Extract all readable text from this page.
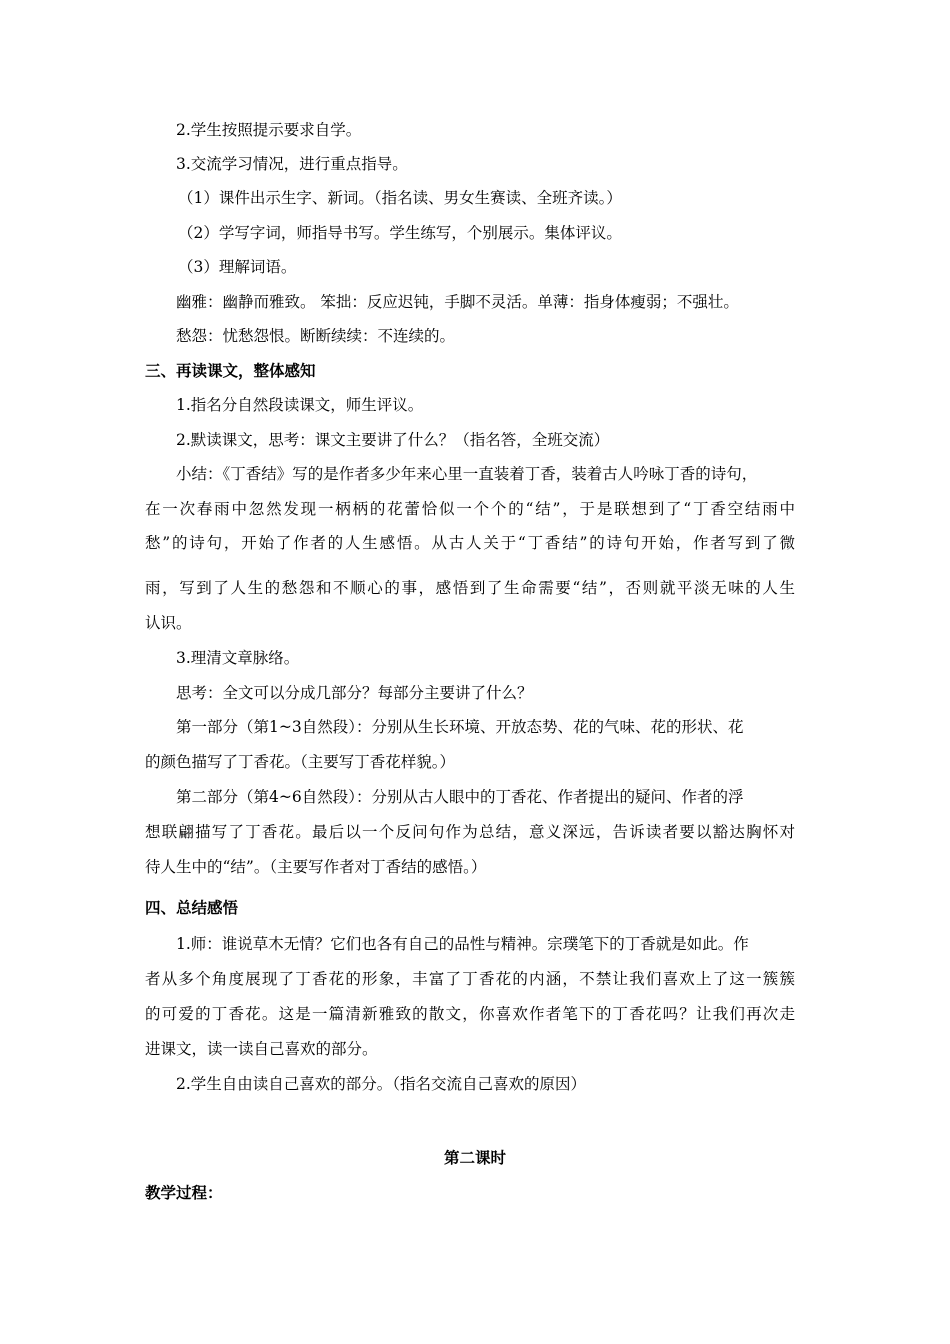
2.学生按照提示要求自学。

3.交流学习情况，进行重点指导。

（1）课件出示生字、新词。（指名读、男女生赛读、全班齐读。）

（2）学写字词，师指导书写。学生练写，个别展示。集体评议。

（3）理解词语。

幽雅：幽静而雅致。 笨拙：反应迟钝，手脚不灵活。单薄：指身体瘦弱；不强壮。

愁怨：忧愁怨恨。断断续续：不连续的。

三、再读课文，整体感知

1.指名分自然段读课文，师生评议。

2.默读课文，思考：课文主要讲了什么？（指名答，全班交流）

小结：《丁香结》写的是作者多少年来心里一直装着丁香，装着古人吟咏丁香的诗句，

在一次春雨中忽然发现一柄柄的花蕾恰似一个个的“结”，于是联想到了“丁香空结雨中

愁”的诗句，开始了作者的人生感悟。从古人关于“丁香结”的诗句开始，作者写到了微

雨，写到了人生的愁怨和不顺心的事，感悟到了生命需要“结”，否则就平淡无味的人生

认识。

3.理清文章脉络。

思考：全文可以分成几部分？每部分主要讲了什么？

第一部分（第1~3自然段）：分别从生长环境、开放态势、花的气味、花的形状、花

的颜色描写了丁香花。（主要写丁香花样貌。）

第二部分（第4~6自然段）：分别从古人眼中的丁香花、作者提出的疑问、作者的浮

想联翩描写了丁香花。最后以一个反问句作为总结，意义深远，告诉读者要以豁达胸怀对

待人生中的“结”。（主要写作者对丁香结的感悟。）

四、总结感悟

1.师：谁说草木无情？它们也各有自己的品性与精神。宗璞笔下的丁香就是如此。作

者从多个角度展现了丁香花的形象，丰富了丁香花的内涵，不禁让我们喜欢上了这一簇簇

的可爱的丁香花。这是一篇清新雅致的散文，你喜欢作者笔下的丁香花吗？让我们再次走

进课文，读一读自己喜欢的部分。

2.学生自由读自己喜欢的部分。（指名交流自己喜欢的原因）

第二课时

教学过程：
